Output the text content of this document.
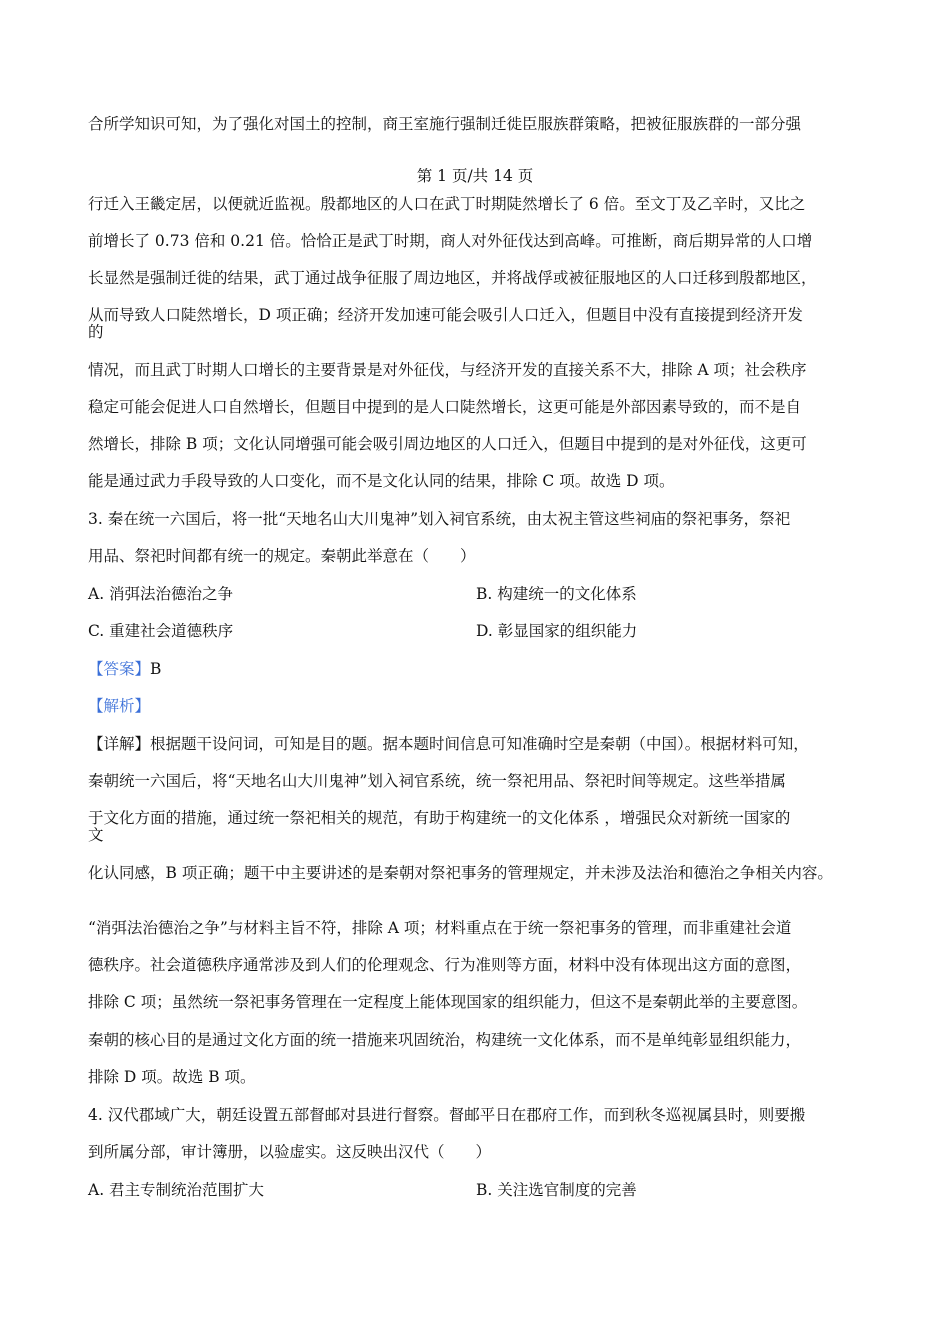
合所学知识可知，为了强化对国土的控制，商王室施行强制迁徙臣服族群策略，把被征服族群的一部分强
第 1 页/共 14 页
行迁入王畿定居，以便就近监视。殷都地区的人口在武丁时期陡然增长了 6 倍。至文丁及乙辛时，又比之
前增长了 0.73 倍和 0.21 倍。恰恰正是武丁时期，商人对外征伐达到高峰。可推断，商后期异常的人口增
长显然是强制迁徙的结果，武丁通过战争征服了周边地区，并将战俘或被征服地区的人口迁移到殷都地区，
从而导致人口陡然增长，D 项正确；经济开发加速可能会吸引人口迁入，但题目中没有直接提到经济开发
的
情况，而且武丁时期人口增长的主要背景是对外征伐，与经济开发的直接关系不大，排除 A 项；社会秩序
稳定可能会促进人口自然增长，但题目中提到的是人口陡然增长，这更可能是外部因素导致的，而不是自
然增长，排除 B 项；文化认同增强可能会吸引周边地区的人口迁入，但题目中提到的是对外征伐，这更可
能是通过武力手段导致的人口变化，而不是文化认同的结果，排除 C 项。故选 D 项。
3. 秦在统一六国后，将一批“天地名山大川鬼神”划入祠官系统，由太祝主管这些祠庙的祭祀事务，祭祀
用品、祭祀时间都有统一的规定。秦朝此举意在（　　）
A. 消弭法治德治之争	B. 构建统一的文化体系
C. 重建社会道德秩序	D. 彰显国家的组织能力
【答案】B
【解析】
【详解】根据题干设问词，可知是目的题。据本题时间信息可知准确时空是秦朝（中国）。根据材料可知，
秦朝统一六国后，将“天地名山大川鬼神”划入祠官系统，统一祭祀用品、祭祀时间等规定。这些举措属
于文化方面的措施，通过统一祭祀相关的规范，有助于构建统一的文化体系 ，增强民众对新统一国家的
文
化认同感，B 项正确；题干中主要讲述的是秦朝对祭祀事务的管理规定，并未涉及法治和德治之争相关内容。
“消弭法治德治之争”与材料主旨不符，排除 A 项；材料重点在于统一祭祀事务的管理，而非重建社会道
德秩序。社会道德秩序通常涉及到人们的伦理观念、行为准则等方面，材料中没有体现出这方面的意图，
排除 C 项；虽然统一祭祀事务管理在一定程度上能体现国家的组织能力，但这不是秦朝此举的主要意图。
秦朝的核心目的是通过文化方面的统一措施来巩固统治，构建统一文化体系，而不是单纯彰显组织能力，
排除 D 项。故选 B 项。
4. 汉代郡域广大，朝廷设置五部督邮对县进行督察。督邮平日在郡府工作，而到秋冬巡视属县时，则要搬
到所属分部，审计簿册，以验虚实。这反映出汉代（　　）
A. 君主专制统治范围扩大	B. 关注选官制度的完善
